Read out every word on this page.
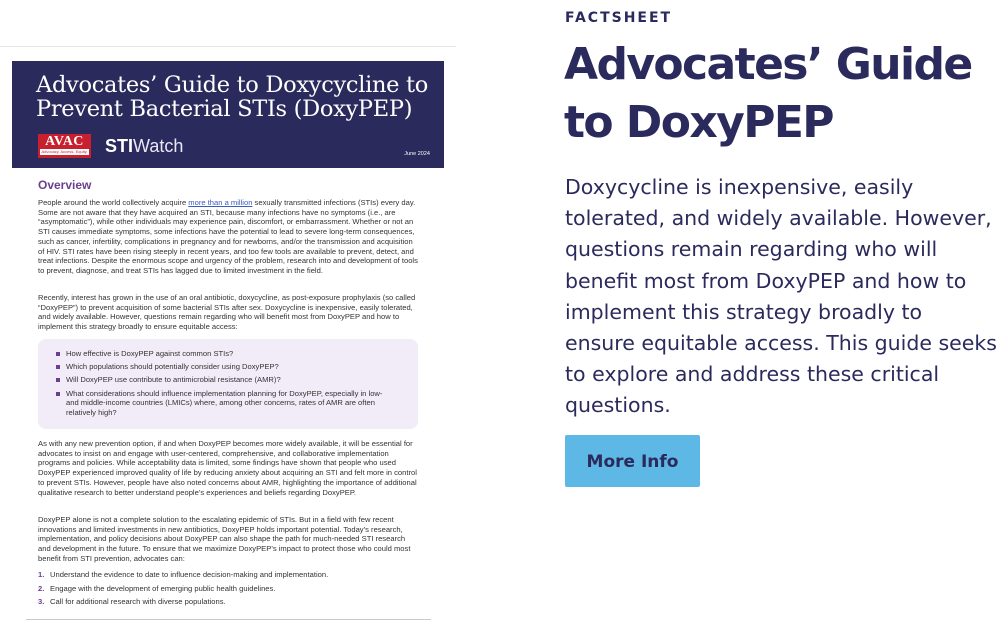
Advocates’ Guide to Doxycycline to Prevent Bacterial STIs (DoxyPEP)
AVAC
Advocacy. Access. Equity. STIWatch	June 2024
Overview

People around the world collectively acquire more than a million sexually transmitted infections (STIs) every day. Some are not aware that they have acquired an STI, because many infections have no symptoms (i.e., are “asymptomatic”), while other individuals may experience pain, discomfort, or embarrassment. Whether or not an STI causes immediate symptoms, some infections have the potential to lead to severe long-term consequences, such as cancer, infertility, complications in pregnancy and for newborns, and/or the transmission and acquisition of HIV. STI rates have been rising steeply in recent years, and too few tools are available to prevent, detect, and treat infections. Despite the enormous scope and urgency of the problem, research into and development of tools to prevent, diagnose, and treat STIs has lagged due to limited investment in the field.

Recently, interest has grown in the use of an oral antibiotic, doxycycline, as post-exposure prophylaxis (so called “DoxyPEP”) to prevent acquisition of some bacterial STIs after sex. Doxycycline is inexpensive, easily tolerated, and widely available. However, questions remain regarding who will benefit most from DoxyPEP and how to implement this strategy broadly to ensure equitable access:

How effective is DoxyPEP against common STIs?
Which populations should potentially consider using DoxyPEP?
Will DoxyPEP use contribute to antimicrobial resistance (AMR)?
What considerations should influence implementation planning for DoxyPEP, especially in low- and middle-income countries (LMICs) where, among other concerns, rates of AMR are often relatively high?

As with any new prevention option, if and when DoxyPEP becomes more widely available, it will be essential for advocates to insist on and engage with user-centered, comprehensive, and collaborative implementation programs and policies. While acceptability data is limited, some findings have shown that people who used DoxyPEP experienced improved quality of life by reducing anxiety about acquiring an STI and felt more in control to prevent STIs. However, people have also noted concerns about AMR, highlighting the importance of additional qualitative research to better understand people’s experiences and beliefs regarding DoxyPEP.

DoxyPEP alone is not a complete solution to the escalating epidemic of STIs. But in a field with few recent innovations and limited investments in new antibiotics, DoxyPEP holds important potential. Today’s research, implementation, and policy decisions about DoxyPEP can also shape the path for much-needed STI research and development in the future. To ensure that we maximize DoxyPEP’s impact to protect those who could most benefit from STI prevention, advocates can:

1. Understand the evidence to date to influence decision-making and implementation.
2. Engage with the development of emerging public health guidelines.
3. Call for additional research with diverse populations.
FACTSHEET
Advocates’ Guide to DoxyPEP

Doxycycline is inexpensive, easily tolerated, and widely available. However, questions remain regarding who will benefit most from DoxyPEP and how to implement this strategy broadly to ensure equitable access. This guide seeks to explore and address these critical questions.

More Info
